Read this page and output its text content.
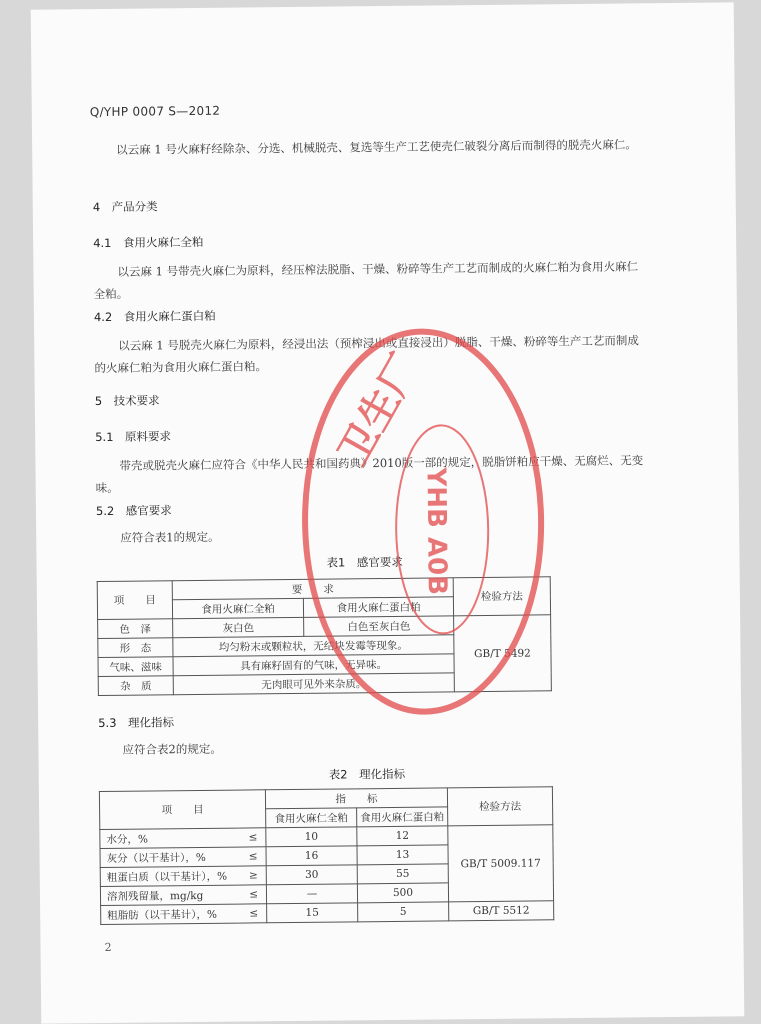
Q/YHP 0007 S—2012
以云麻 1 号火麻籽经除杂、分选、机械脱壳、复选等生产工艺使壳仁破裂分离后而制得的脱壳火麻仁。
4　产品分类
4.1　食用火麻仁全粕
以云麻 1 号带壳火麻仁为原料，经压榨法脱脂、干燥、粉碎等生产工艺而制成的火麻仁粕为食用火麻仁全粕。
4.2　食用火麻仁蛋白粕
以云麻 1 号脱壳火麻仁为原料，经浸出法（预榨浸出或直接浸出）脱脂、干燥、粉碎等生产工艺而制成的火麻仁粕为食用火麻仁蛋白粕。
5　技术要求
5.1　原料要求
带壳或脱壳火麻仁应符合《中华人民共和国药典》2010版一部的规定，脱脂饼粕应干燥、无腐烂、无变味。
5.2　感官要求
应符合表1的规定。
表1　感官要求
项　　目	要　　求		检验方法
	食用火麻仁全粕	食用火麻仁蛋白粕	
色　泽	灰白色	白色至灰白色	GB/T 5492
形　态	均匀粉末或颗粒状，无结块发霉等现象。		
气味、滋味	具有麻籽固有的气味，无异味。		
杂　质	无肉眼可见外来杂质。		
5.3　理化指标
应符合表2的规定。
表2　理化指标
项　　目		指　　标		检验方法
		食用火麻仁全粕	食用火麻仁蛋白粕	
水分，%	≤	10	12	GB/T 5009.117
灰分（以干基计），%	≤	16	13	
粗蛋白质（以干基计），%	≥	30	55	
溶剂残留量，mg/kg	≤	—	500	
粗脂肪（以干基计），%	≤	15	5	GB/T 5512
卫生厂
YHB A0B
2
